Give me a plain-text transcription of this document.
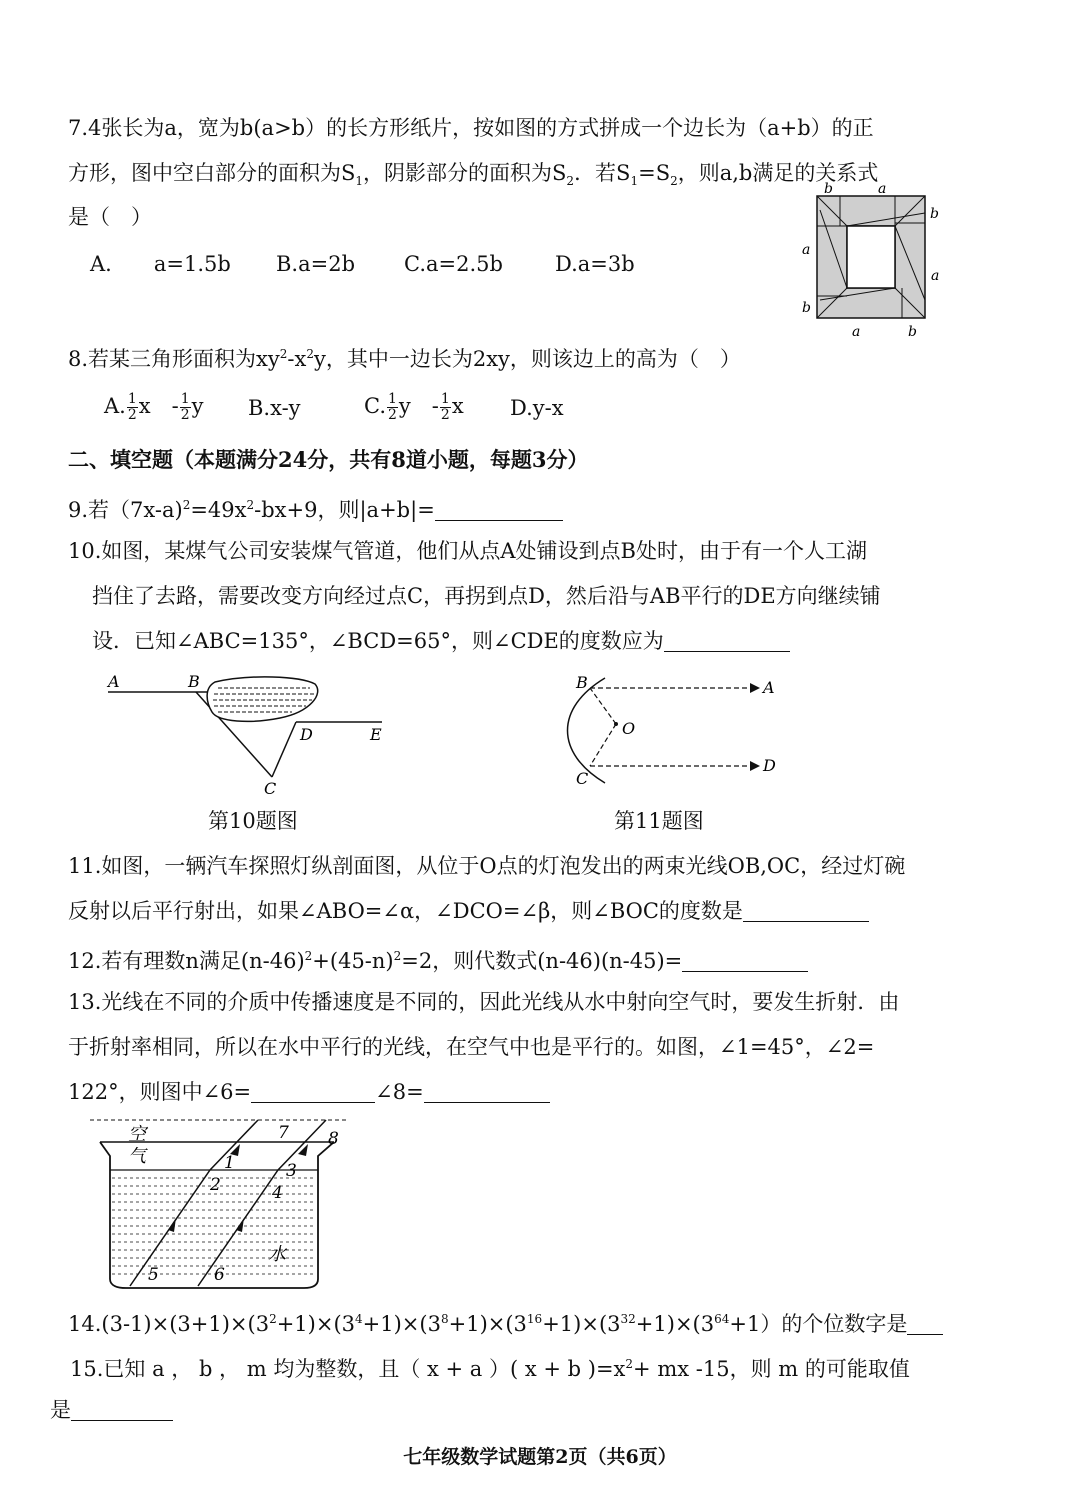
7.4张长为a，宽为b(a>b）的长方形纸片，按如图的方式拼成一个边长为（a+b）的正
方形，图中空白部分的面积为$S_1$，阴影部分的面积为$S_2$．若$S_1=S_2$，则a,b满足的关系式
是（　）
A.　　a=1.5b B.a=2b C.a=2.5b D.a=3b
b	a
b
a
a
b
a	b
8.若某三角形面积为$xy^2-x^2y$，其中一边长为2xy，则该边上的高为（　）
A. $\frac{1}{2}$ x　- $\frac{1}{2}$ y B.x-y	C. $\frac{1}{2}$ y　- $\frac{1}{2}$ x D.y-x
二、填空题（本题满分24分，共有8道小题，每题3分）
9.若$(7x-a)^2=49x^2-bx+9$，则|a+b|=
10.如图，某煤气公司安装煤气管道，他们从点A处铺设到点B处时，由于有一个人工湖
挡住了去路，需要改变方向经过点C，再拐到点D，然后沿与AB平行的DE方向继续铺
设．已知∠ABC=135°，∠BCD=65°，则∠CDE的度数应为
A	B
D	E
C
第10题图
B	A
O
C
D
第11题图
11.如图，一辆汽车探照灯纵剖面图，从位于O点的灯泡发出的两束光线OB,OC，经过灯碗
反射以后平行射出，如果∠ABO=∠α，∠DCO=∠β，则∠BOC的度数是
12.若有理数n满足$(n-46)^2+(45-n)^2=2$，则代数式(n-46)(n-45)=
13.光线在不同的介质中传播速度是不同的，因此光线从水中射向空气时，要发生折射．由
于折射率相同，所以在水中平行的光线，在空气中也是平行的。如图，∠1=45°，∠2=
122°，则图中∠6=	∠8=
空
气
水
1
2
3
4
5	6
7 8
$14.(3-1)\times(3+1)\times(3^2+1)\times(3^4+1)\times(3^8+1)\times(3^{16}+1)\times(3^{32}+1)\times(3^{64}+1)$的个位数字是
15.已知 a ， b ， m 均为整数，且（ x + a ）( x + b )$=x^2+$ mx -15，则 m 的可能取值
是
七年级数学试题第2页（共6页）
